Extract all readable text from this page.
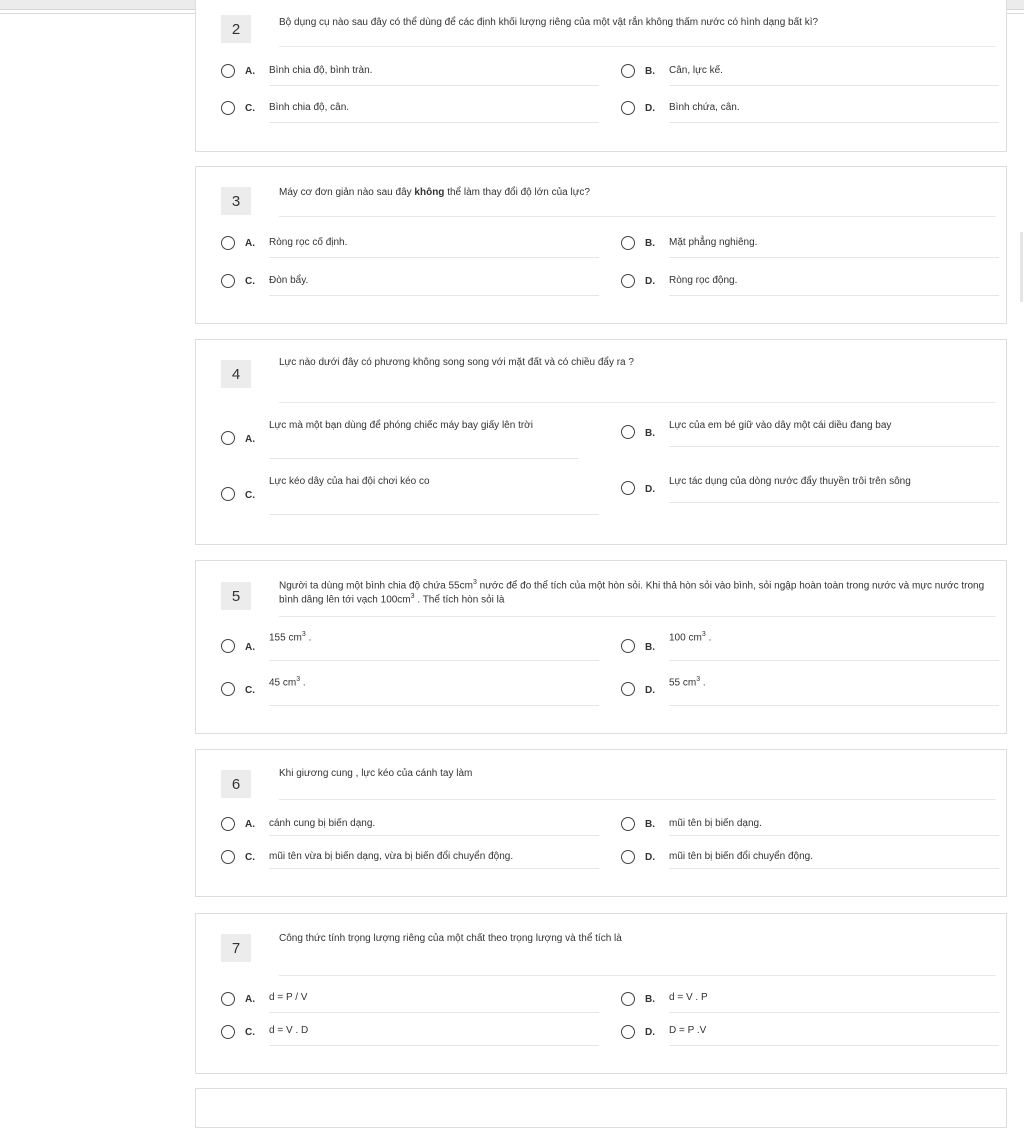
2	Bộ dụng cụ nào sau đây có thể dùng để các định khối lượng riêng của một vật rắn không thấm nước có hình dạng bất kì?
A. Bình chia độ, bình tràn.	B. Cân, lực kế.
C. Bình chia độ, cân.	D. Bình chứa, cân.
3	Máy cơ đơn giản nào sau đây không thể làm thay đổi độ lớn của lực?
A. Ròng rọc cố định.	B. Mặt phẳng nghiêng.
C. Đòn bẩy.	D. Ròng rọc động.
4
Lực nào dưới đây có phương không song song với mặt đất và có chiều đẩy ra ?
A.
Lực mà một bạn dùng để phóng chiếc máy bay giấy lên trời
B.
Lực của em bé giữ vào dây một cái diều đang bay
C.
Lực kéo dây của hai đội chơi kéo co
D.
Lực tác dụng của dòng nước đẩy thuyền trôi trên sông
5
Người ta dùng một bình chia độ chứa $55cm^3$ nước để đo thể tích của một hòn sỏi. Khi thả hòn sỏi vào bình, sỏi ngập hoàn toàn trong nước và mực nước trong bình dâng lên tới vạch $100cm^3$ . Thể tích hòn sỏi là
A.
155 $cm^3$ .
B.
100 $cm^3$ .
C.
45 $cm^3$ .
D.
55 $cm^3$ .
6
Khi giương cung , lực kéo của cánh tay làm
A. cánh cung bị biến dạng.	B. mũi tên bị biến dạng.
C. mũi tên vừa bị biến dạng, vừa bị biến đổi chuyển động.	D. mũi tên bị biến đổi chuyển động.
7
Công thức tính trọng lượng riêng của một chất theo trọng lượng và thể tích là
A. d = P / V	B. d = V . P
C. d = V . D	D. D = P .V
